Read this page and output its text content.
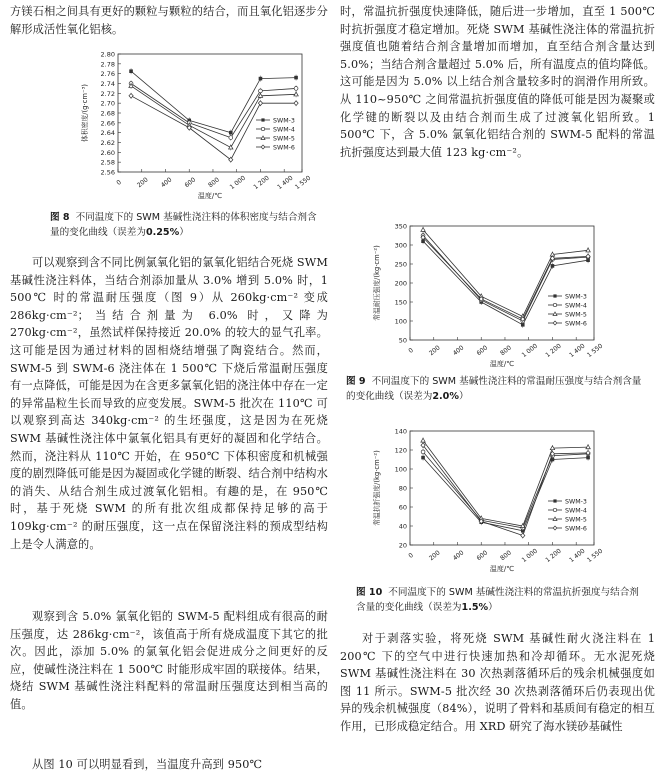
方镁石相之间具有更好的颗粒与颗粒的结合，而且氧化铝逐步分解形成活性氧化铝核。

2.56
2.58
2.60
2.62
2.64
2.66
2.68
2.70
2.72
2.74
2.76
2.78
2.80
0 200 400 600 800 1 000 1 200 1 400 1 550
温度/℃
体积密度/(g·cm⁻³)	SWM-3
SWM-4
SWM-5
SWM-6
图 8 不同温度下的 SWM 基碱性浇注料的体积密度与结合剂含量的变化曲线（误差为0.25%）

可以观察到含不同比例氯氧化铝的氯氧化铝结合死烧 SWM 基碱性浇注料体，当结合剂添加量从 3.0% 增到 5.0% 时，1 500℃ 时的常温耐压强度（图 9）从 260kg·cm⁻² 变成 286kg·cm⁻²；当结合剂量为 6.0% 时，又降为 270kg·cm⁻²，虽然试样保持接近 20.0% 的较大的显气孔率。这可能是因为通过材料的固相烧结增强了陶瓷结合。然而，SWM-5 到 SWM-6 浇注体在 1 500℃ 下烧后常温耐压强度有一点降低，可能是因为在含更多氯氧化铝的浇注体中存在一定的异常晶粒生长而导致的应变发展。SWM-5 批次在 110℃ 可以观察到高达 340kg·cm⁻² 的生坯强度，这是因为在死烧 SWM 基碱性浇注体中氯氧化铝具有更好的凝固和化学结合。然而，浇注料从 110℃ 开始，在 950℃ 下体积密度和机械强度的剧烈降低可能是因为凝固或化学键的断裂、结合剂中结构水的消失、从结合剂生成过渡氧化铝相。有趣的是，在 950℃ 时，基于死烧 SWM 的所有批次组成都保持足够的高于 109kg·cm⁻² 的耐压强度，这一点在保留浇注料的预成型结构上是令人满意的。

观察到含 5.0% 氯氧化铝的 SWM-5 配料组成有很高的耐压强度，达 286kg·cm⁻²，该值高于所有烧成温度下其它的批次。因此，添加 5.0% 的氯氧化铝会促进成分之间更好的反应，使碱性浇注料在 1 500℃ 时能形成牢固的联接体。结果，烧结 SWM 基碱性浇注料配料的常温耐压强度达到相当高的值。

从图 10 可以明显看到，当温度升高到 950℃

时，常温抗折强度快速降低，随后进一步增加，直至 1 500℃ 时抗折强度才稳定增加。死烧 SWM 基碱性浇注体的常温抗折强度值也随着结合剂含量增加而增加，直至结合剂含量达到 5.0%；当结合剂含量超过 5.0% 后，所有温度点的值均降低。这可能是因为 5.0% 以上结合剂含量较多时的润滑作用所致。从 110~950℃ 之间常温抗折强度值的降低可能是因为凝聚或化学键的断裂以及由结合剂而生成了过渡氧化铝所致。1 500℃ 下，含 5.0% 氯氧化铝结合剂的 SWM-5 配料的常温抗折强度达到最大值 123 kg·cm⁻²。

50
100
150
200
250
300
350
0 200 400 600 800 1 000 1 200 1 400 1 550
温度/℃
常温耐压强度/(kg·cm⁻²)	SWM-3
SWM-4
SWM-5
SWM-6
图 9 不同温度下的 SWM 基碱性浇注料的常温耐压强度与结合剂含量的变化曲线（误差为2.0%）
20
40
60
80
100
120
140
0 200 400 600 800 1 000 1 200 1 400 1 550
温度/℃
常温抗折强度/(kg·cm⁻²)	SWM-3
SWM-4
SWM-5
SWM-6
图 10 不同温度下的 SWM 基碱性浇注料的常温抗折强度与结合剂含量的变化曲线（误差为1.5%）

对于剥落实验，将死烧 SWM 基碱性耐火浇注料在 1 200℃ 下的空气中进行快速加热和冷却循环。无水泥死烧 SWM 基碱性浇注料在 30 次热剥落循环后的残余机械强度如图 11 所示。SWM-5 批次经 30 次热剥落循环后仍表现出优异的残余机械强度（84%），说明了骨料和基质间有稳定的相互作用，已形成稳定结合。用 XRD 研究了海水镁砂基碱性
